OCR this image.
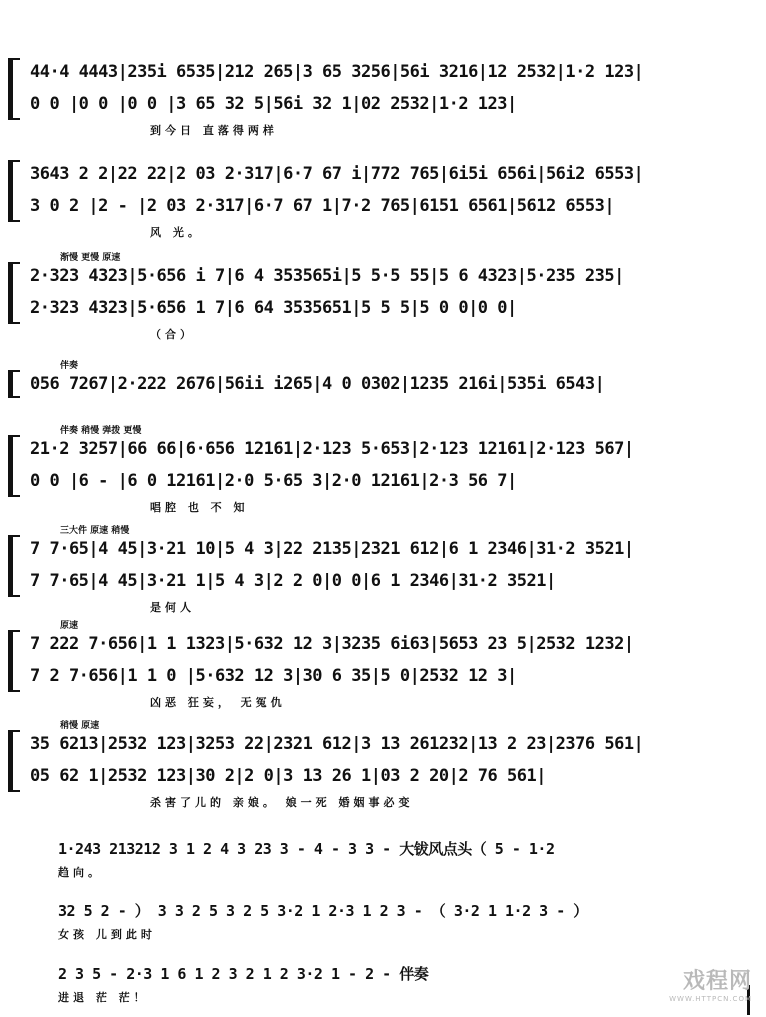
44·4 4443|235i 6535|212 265|3 65 3256|56i 3216|12 2532|1·2 123|
0 0 |0 0 |0 0 |3 65 32 5|56i 32 1|02 2532|1·2 123|
到今日 直落得两样
3643 2 2|22 22|2 03 2·317|6·7 67 i|772 765|6i5i 656i|56i2 6553|
3 0 2 |2 - |2 03 2·317|6·7 67 1|7·2 765|6151 6561|5612 6553|
风 光。
渐慢 更慢 原速
2·323 4323|5·656 i 7|6 4 353565i|5 5·5 55|5 6 4323|5·235 235|
2·323 4323|5·656 1 7|6 64 3535651|5 5 5|5 0 0|0 0|
（合）
伴奏
056 7267|2·222 2676|56ii i265|4 0 0302|1235 216i|535i 6543|
伴奏 稍慢 弹拨 更慢
21·2 3257|66 66|6·656 12161|2·123 5·653|2·123 12161|2·123 567|
0 0 |6 - |6 0 12161|2·0 5·65 3|2·0 12161|2·3 56 7|
唱腔 也 不 知
三大件 原速 稍慢
7 7·65|4 45|3·21 10|5 4 3|22 2135|2321 612|6 1 2346|31·2 3521|
7 7·65|4 45|3·21 1|5 4 3|2 2 0|0 0|6 1 2346|31·2 3521|
是何人
原速
7 222 7·656|1 1 1323|5·632 12 3|3235 6i63|5653 23 5|2532 1232|
7 2 7·656|1 1 0 |5·632 12 3|30 6 35|5 0|2532 12 3|
凶恶 狂妄， 无冤仇
稍慢 原速
35 6213|2532 123|3253 22|2321 612|3 13 261232|13 2 23|2376 561|
05 62 1|2532 123|30 2|2 0|3 13 26 1|03 2 20|2 76 561|
杀害了儿的 亲娘。 娘一死 婚姻事必变
1·243 213212 3 1 2 4 3 23 3 - 4 - 3 3 - 大钹风点头（ 5 - 1·2
趋向。
32 5 2 - ） 3 3 2 5 3 2 5 3·2 1 2·3 1 2 3 - （ 3·2 1 1·2 3 - ）
女孩 儿到此时
2 3 5 - 2·3 1 6 1 2 3 2 1 2 3·2 1 - 2 - 伴奏
进退 茫 茫！
戏程网
WWW.HTTPCN.COM
